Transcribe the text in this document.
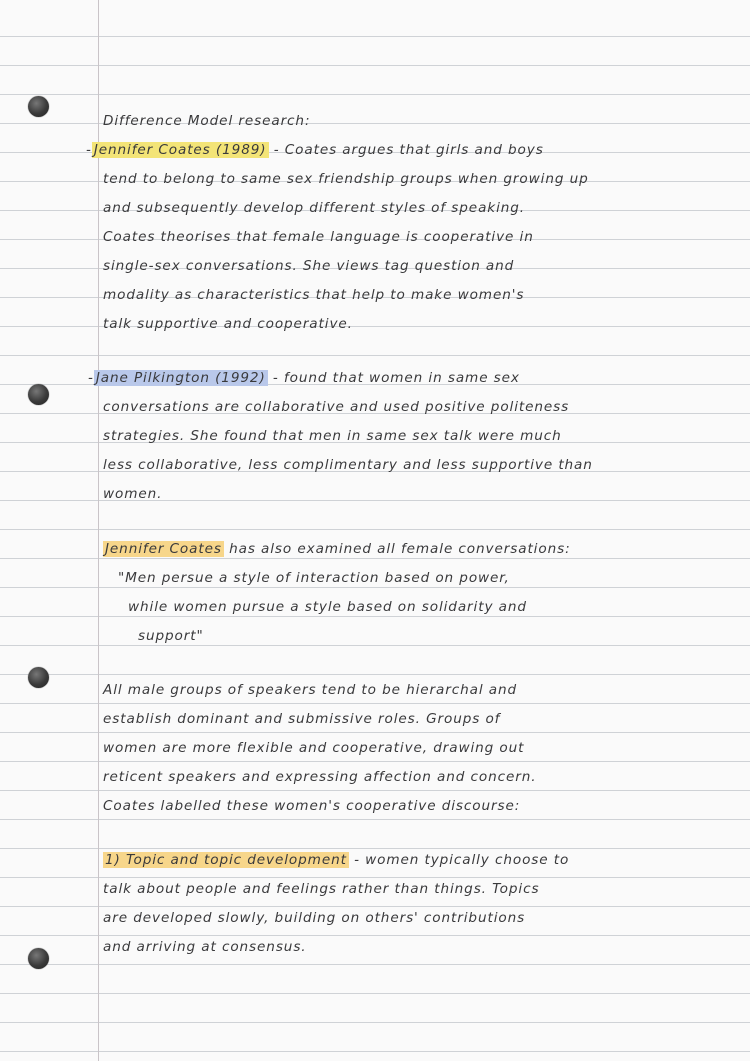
Difference Model research:
- Jennifer Coates (1989) - Coates argues that girls and boys
tend to belong to same sex friendship groups when growing up
and subsequently develop different styles of speaking.
Coates theorises that female language is cooperative in
single-sex conversations. She views tag question and
modality as characteristics that help to make women's
talk supportive and cooperative.
- Jane Pilkington (1992) - found that women in same sex
conversations are collaborative and used positive politeness
strategies. She found that men in same sex talk were much
less collaborative, less complimentary and less supportive than
women.
Jennifer Coates has also examined all female conversations:
"Men persue a style of interaction based on power,
while women pursue a style based on solidarity and
support"
All male groups of speakers tend to be hierarchal and
establish dominant and submissive roles. Groups of
women are more flexible and cooperative, drawing out
reticent speakers and expressing affection and concern.
Coates labelled these women's cooperative discourse:
1) Topic and topic development - women typically choose to
talk about people and feelings rather than things. Topics
are developed slowly, building on others' contributions
and arriving at consensus.
